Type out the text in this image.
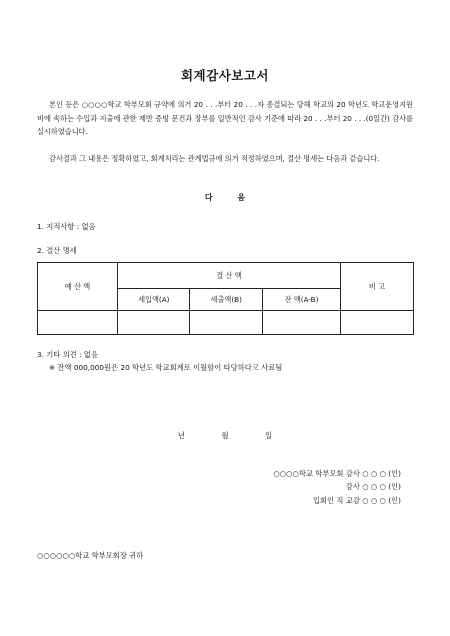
회계감사보고서
본인 등은 ○○○○학교 학부모회 규약에 의거 20 . . .부터 20 . . .자 종결되는 당해 학교의 20 학년도 학교운영지원비에 속하는 수입과 지출에 관한 제반 증빙 문건과 장부를 일반적인 감사 기준에 따라 20 . . .부터 20 . . .(0일간) 감사를 실시하였습니다.
감사결과 그 내용은 정확하였고, 회계처리는 관계법규에 의거 적정하였으며, 결산 명세는 다음과 같습니다.
다 음
1. 지적사항 : 없음
2. 결산 명세
예 산 액	결 산 액			비 고
	세입액(A)	세출액(B)	잔 액(A-B)	

3. 기타 의견 : 없음
※ 잔액 000,000원은 20 학년도 학교회계로 이월함이 타당하다고 사료됨
년 월 일
○○○○학교 학부모회 감사 ○ ○ ○ (인)
감사 ○ ○ ○ (인)
입회인 직 교감 ○ ○ ○ (인)
○○○○○○학교 학부모회장 귀하
